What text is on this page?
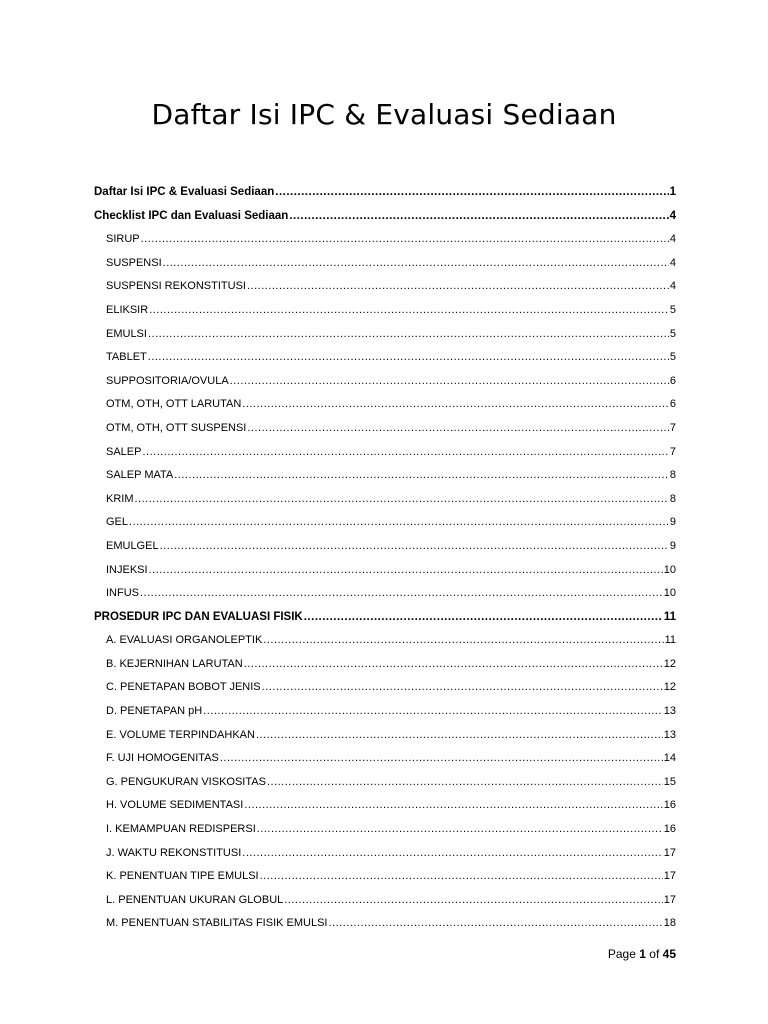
Daftar Isi IPC & Evaluasi Sediaan
Daftar Isi IPC & Evaluasi Sediaan .....	1
Checklist IPC dan Evaluasi Sediaan .....	4
SIRUP .....	4
SUSPENSI .....	4
SUSPENSI REKONSTITUSI .....	4
ELIKSIR .....	5
EMULSI .....	5
TABLET .....	5
SUPPOSITORIA/OVULA .....	6
OTM, OTH, OTT LARUTAN .....	6
OTM, OTH, OTT SUSPENSI .....	7
SALEP .....	7
SALEP MATA .....	8
KRIM .....	8
GEL .....	9
EMULGEL .....	9
INJEKSI .....	10
INFUS .....	10
PROSEDUR IPC DAN EVALUASI FISIK .....	11
A. EVALUASI ORGANOLEPTIK .....	11
B. KEJERNIHAN LARUTAN .....	12
C. PENETAPAN BOBOT JENIS .....	12
D. PENETAPAN pH .....	13
E. VOLUME TERPINDAHKAN .....	13
F. UJI HOMOGENITAS .....	14
G. PENGUKURAN VISKOSITAS .....	15
H. VOLUME SEDIMENTASI .....	16
I. KEMAMPUAN REDISPERSI .....	16
J. WAKTU REKONSTITUSI .....	17
K. PENENTUAN TIPE EMULSI .....	17
L. PENENTUAN UKURAN GLOBUL .....	17
M. PENENTUAN STABILITAS FISIK EMULSI .....	18
Page 1 of 45
